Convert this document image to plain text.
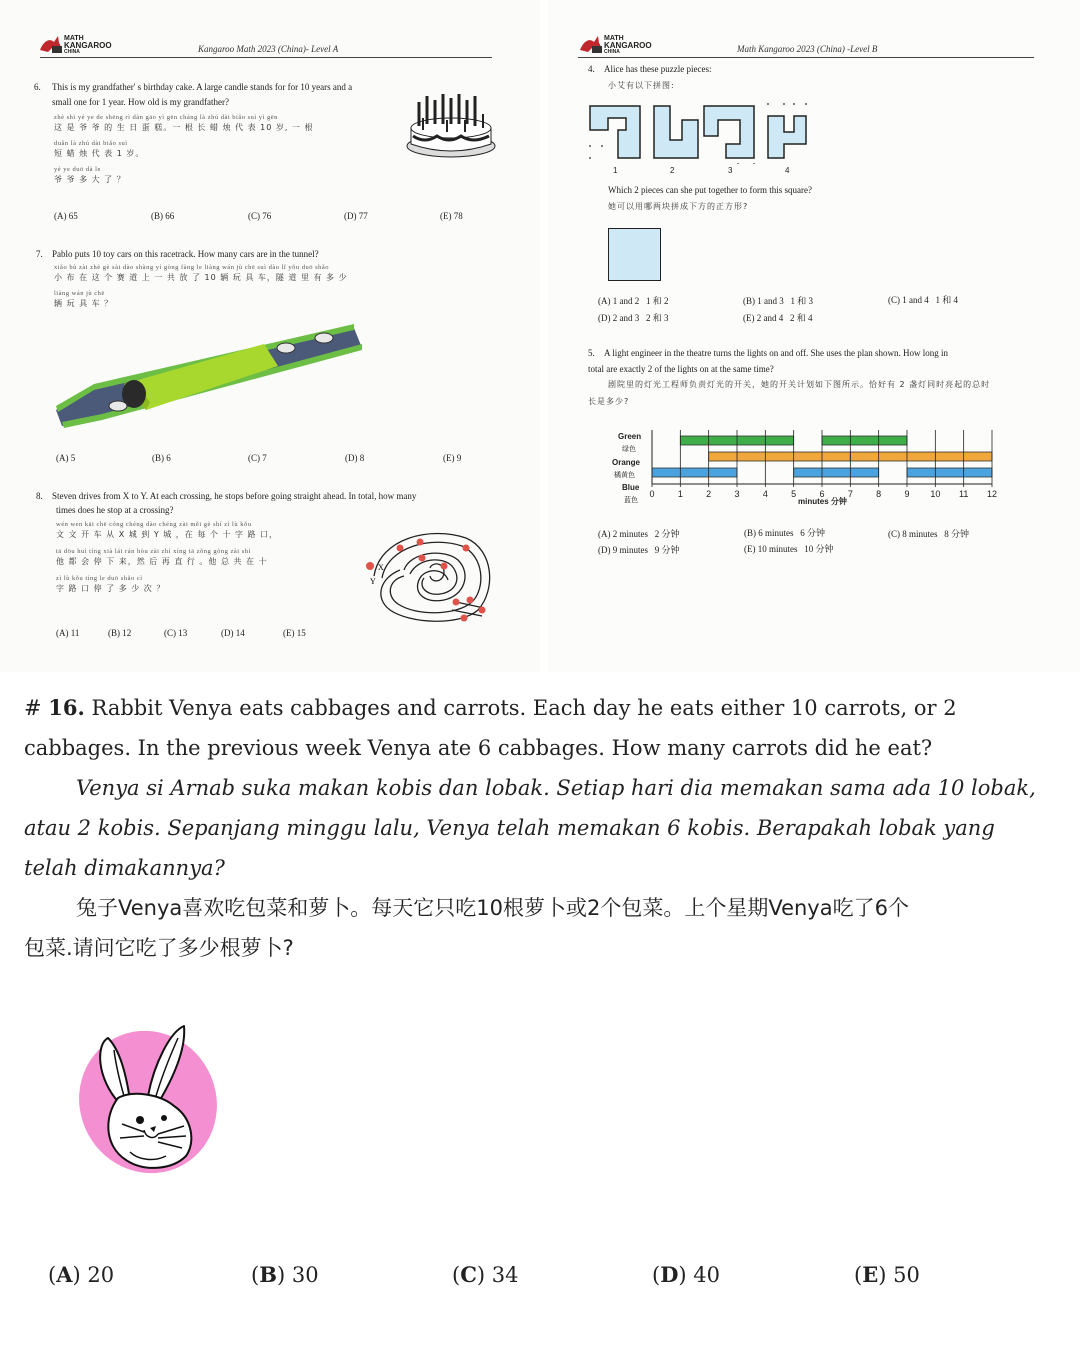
MATH
KANGAROO
CHINA	Kangaroo Math 2023 (China)- Level A
6. This is my grandfather' s birthday cake. A large candle stands for for 10 years and a
small one for 1 year. How old is my grandfather?
zhè shì yé ye de shēng rì dàn gāo yì gēn cháng là zhú dài biǎo suì yì gēn
这 是 爷 爷 的 生 日 蛋 糕。一 根 长 蜡 烛 代 表 10 岁, 一 根
duǎn là zhú dài biǎo suì
短 蜡 烛 代 表 1 岁。
yé ye duō dà le
爷 爷 多 大 了 ？
(A) 65	(B) 66	(C) 76	(D) 77	(E) 78
7. Pablo puts 10 toy cars on this racetrack. How many cars are in the tunnel?
xiǎo bù zài zhè gè sài dào shàng yí gòng fàng le liàng wán jù chē suì dào lǐ yǒu duō shǎo
小 布 在 这 个 赛 道 上 一 共 放 了 10 辆 玩 具 车，隧 道 里 有 多 少
liàng wán jù chē
辆 玩 具 车 ？
(A) 5	(B) 6	(C) 7	(D) 8	(E) 9
8. Steven drives from X to Y. At each crossing, he stops before going straight ahead. In total, how many
times does he stop at a crossing?
wén wen kāi chē cóng chéng dào chéng zài měi gè shí zì lù kǒu
文 文 开 车 从 X 城 到 Y 城 ，在 每 个 十 字 路 口，
tā dōu huì tíng xià lái rán hòu zài zhí xíng tā zǒng gòng zài shí
他 都 会 停 下 来，然 后 再 直 行 。他 总 共 在 十
zì lù kǒu tíng le duō shǎo cì
字 路 口 停 了 多 少 次 ？
X
Y
(A) 11	(B) 12	(C) 13	(D) 14	(E) 15
MATH
KANGAROO
CHINA	Math Kangaroo 2023 (China) -Level B
4. Alice has these puzzle pieces:
小艾有以下拼图:
1	2	3	4
Which 2 pieces can she put together to form this square?
她可以用哪两块拼成下方的正方形?
(A) 1 and 2 1 和 2	(B) 1 and 3 1 和 3	(C) 1 and 4 1 和 4
(D) 2 and 3 2 和 3	(E) 2 and 4 2 和 4
5. A light engineer in the theatre turns the lights on and off. She uses the plan shown. How long in
total are exactly 2 of the lights on at the same time?
剧院里的灯光工程师负责灯光的开关，她的开关计划如下图所示。恰好有 2 盏灯同时亮起的总时
长是多少?
Green
绿色
Orange
橘黄色
Blue
蓝色
0	1	2	3	4	5	6	7	8	9 10 11 12
minutes 分钟
(A) 2 minutes 2 分钟	(B) 6 minutes 6 分钟	(C) 8 minutes 8 分钟
(D) 9 minutes 9 分钟	(E) 10 minutes 10 分钟
# 16. Rabbit Venya eats cabbages and carrots. Each day he eats either 10 carrots, or 2
cabbages. In the previous week Venya ate 6 cabbages. How many carrots did he eat?
Venya si Arnab suka makan kobis dan lobak. Setiap hari dia memakan sama ada 10 lobak,
atau 2 kobis. Sepanjang minggu lalu, Venya telah memakan 6 kobis. Berapakah lobak yang
telah dimakannya?
兔子Venya喜欢吃包菜和萝卜。每天它只吃10根萝卜或2个包菜。上个星期Venya吃了6个
包菜.请问它吃了多少根萝卜?
(A) 20	(B) 30	(C) 34	(D) 40	(E) 50
